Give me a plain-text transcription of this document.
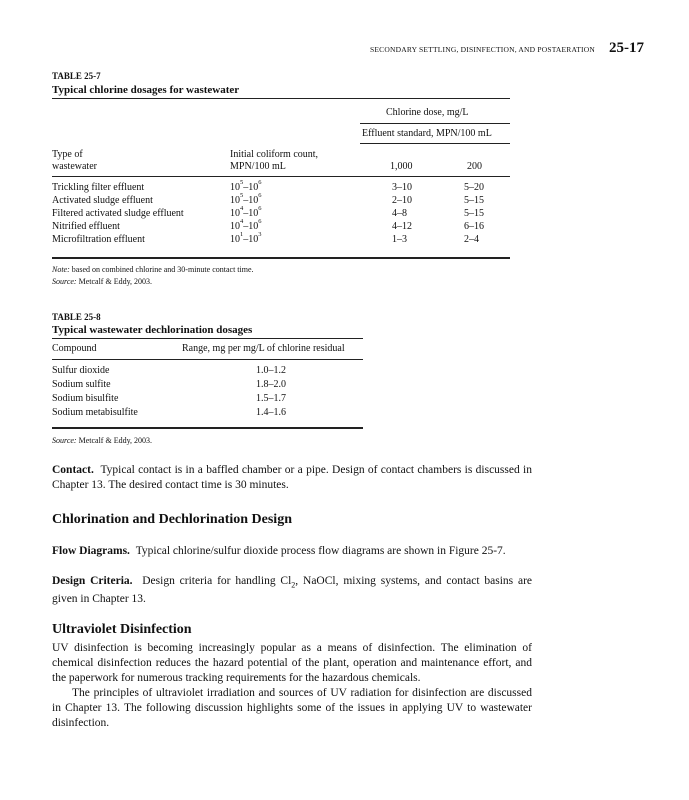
SECONDARY SETTLING, DISINFECTION, AND POSTAERATION 25-17
TABLE 25-7
Typical chlorine dosages for wastewater
Chlorine dose, mg/L
Effluent standard, MPN/100 mL
Type of
wastewater
Initial coliform count,
MPN/100 mL	1,000	200
Trickling filter effluent	$10^5-10^6$	3–10	5–20
Activated sludge effluent	$10^5-10^6$	2–10	5–15
Filtered activated sludge effluent	$10^4-10^6$	4–8	5–15
Nitrified effluent	$10^4-10^6$	4–12	6–16
Microfiltration effluent	$10^1-10^3$	1–3	2–4
Note: based on combined chlorine and 30-minute contact time.
Source: Metcalf & Eddy, 2003.
TABLE 25-8
Typical wastewater dechlorination dosages
Compound	Range, mg per mg/L of chlorine residual
Sulfur dioxide	1.0–1.2
Sodium sulfite	1.8–2.0
Sodium bisulfite	1.5–1.7
Sodium metabisulfite	1.4–1.6
Source: Metcalf & Eddy, 2003.
Contact. Typical contact is in a baffled chamber or a pipe. Design of contact chambers is discussed in Chapter 13. The desired contact time is 30 minutes.
Chlorination and Dechlorination Design
Flow Diagrams. Typical chlorine/sulfur dioxide process flow diagrams are shown in Figure 25-7.
Design Criteria. Design criteria for handling $Cl_2$, NaOCl, mixing systems, and contact basins are given in Chapter 13.
Ultraviolet Disinfection
UV disinfection is becoming increasingly popular as a means of disinfection. The elimination of chemical disinfection reduces the hazard potential of the plant, operation and maintenance effort, and the paperwork for numerous tracking requirements for the hazardous chemicals.
The principles of ultraviolet irradiation and sources of UV radiation for disinfection are discussed in Chapter 13. The following discussion highlights some of the issues in applying UV to wastewater disinfection.
